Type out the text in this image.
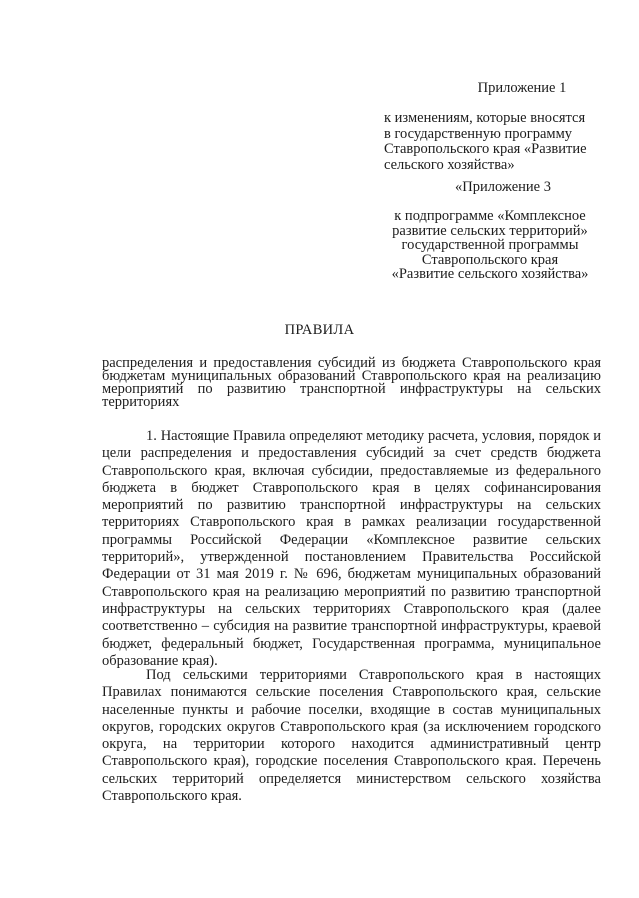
Приложение 1
к изменениям, которые вносятся
в государственную программу
Ставропольского края «Развитие
сельского хозяйства»
«Приложение 3
к подпрограмме «Комплексное
развитие сельских территорий»
государственной программы
Ставропольского края
«Развитие сельского хозяйства»
ПРАВИЛА
распределения и предоставления субсидий из бюджета Ставропольского края бюджетам муниципальных образований Ставропольского края на реализацию мероприятий по развитию транспортной инфраструктуры на сельских территориях
1. Настоящие Правила определяют методику расчета, условия, порядок и цели распределения и предоставления субсидий за счет средств бюджета Ставропольского края, включая субсидии, предоставляемые из федерального бюджета в бюджет Ставропольского края в целях софинансирования мероприятий по развитию транспортной инфраструктуры на сельских территориях Ставропольского края в рамках реализации государственной программы Российской Федерации «Комплексное развитие сельских территорий», утвержденной постановлением Правительства Российской Федерации от 31 мая 2019 г. № 696, бюджетам муниципальных образований Ставропольского края на реализацию мероприятий по развитию транспортной инфраструктуры на сельских территориях Ставропольского края (далее соответственно – субсидия на развитие транспортной инфраструктуры, краевой бюджет, федеральный бюджет, Государственная программа, муниципальное образование края).
Под сельскими территориями Ставропольского края в настоящих Правилах понимаются сельские поселения Ставропольского края, сельские населенные пункты и рабочие поселки, входящие в состав муниципальных округов, городских округов Ставропольского края (за исключением городского округа, на территории которого находится административный центр Ставропольского края), городские поселения Ставропольского края. Перечень сельских территорий определяется министерством сельского хозяйства Ставропольского края.
